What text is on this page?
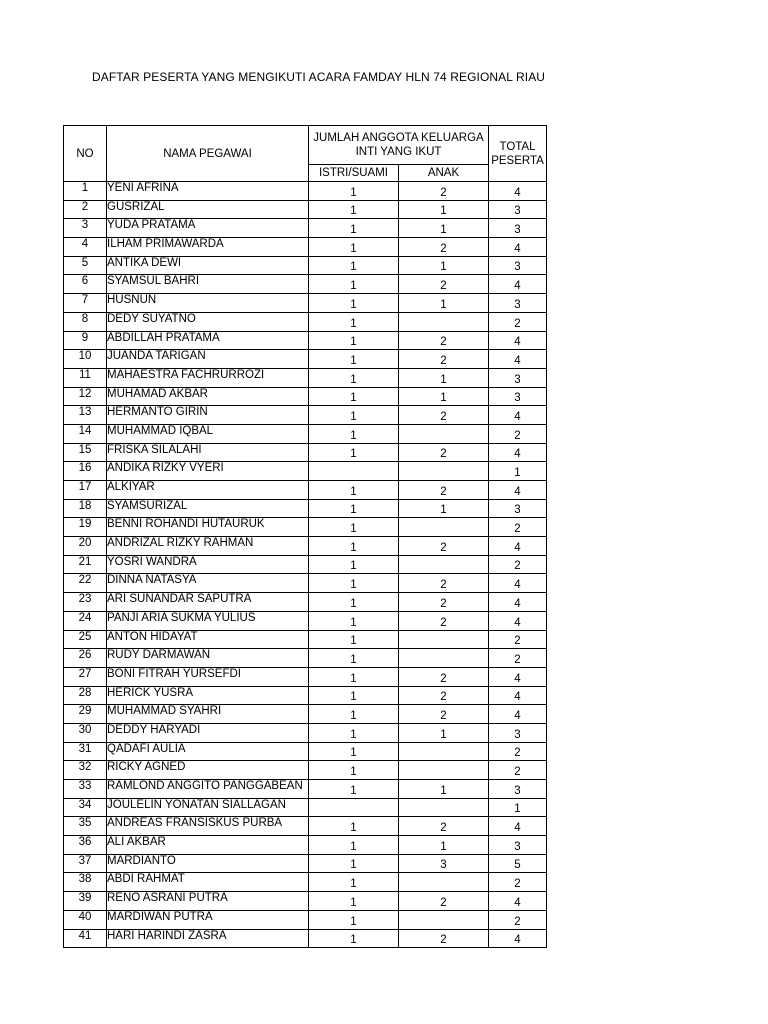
DAFTAR PESERTA YANG MENGIKUTI ACARA FAMDAY HLN 74 REGIONAL RIAU
NO	NAMA PEGAWAI	JUMLAH ANGGOTA KELUARGA INTI YANG IKUT		TOTAL PESERTA
		ISTRI/SUAMI	ANAK	
1	YENI AFRINA	1	2	4
2	GUSRIZAL	1	1	3
3	YUDA PRATAMA	1	1	3
4	ILHAM PRIMAWARDA	1	2	4
5	ANTIKA DEWI	1	1	3
6	SYAMSUL BAHRI	1	2	4
7	HUSNUN	1	1	3
8	DEDY SUYATNO	1		2
9	ABDILLAH PRATAMA	1	2	4
10	JUANDA TARIGAN	1	2	4
11	MAHAESTRA FACHRURROZI	1	1	3
12	MUHAMAD AKBAR	1	1	3
13	HERMANTO GIRIN	1	2	4
14	MUHAMMAD IQBAL	1		2
15	FRISKA SILALAHI	1	2	4
16	ANDIKA RIZKY VYERI			1
17	ALKIYAR	1	2	4
18	SYAMSURIZAL	1	1	3
19	BENNI ROHANDI HUTAURUK	1		2
20	ANDRIZAL RIZKY RAHMAN	1	2	4
21	YOSRI WANDRA	1		2
22	DINNA NATASYA	1	2	4
23	ARI SUNANDAR SAPUTRA	1	2	4
24	PANJI ARIA SUKMA YULIUS	1	2	4
25	ANTON HIDAYAT	1		2
26	RUDY DARMAWAN	1		2
27	BONI FITRAH YURSEFDI	1	2	4
28	HERICK YUSRA	1	2	4
29	MUHAMMAD SYAHRI	1	2	4
30	DEDDY HARYADI	1	1	3
31	QADAFI AULIA	1		2
32	RICKY AGNED	1		2
33	RAMLOND ANGGITO PANGGABEAN	1	1	3
34	JOULELIN YONATAN SIALLAGAN			1
35	ANDREAS FRANSISKUS PURBA	1	2	4
36	ALI AKBAR	1	1	3
37	MARDIANTO	1	3	5
38	ABDI RAHMAT	1		2
39	RENO ASRANI PUTRA	1	2	4
40	MARDIWAN PUTRA	1		2
41	HARI HARINDI ZASRA	1	2	4
